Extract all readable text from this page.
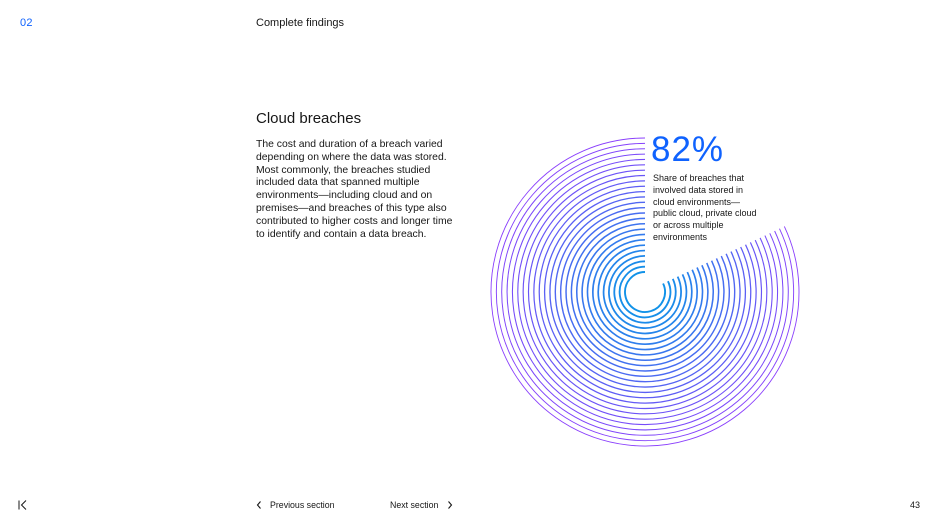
02	Complete findings
Cloud breaches

The cost and duration of a breach varied depending on where the data was stored. Most commonly, the breaches studied included data that spanned multiple environments—including cloud and on premises—and breaches of this type also contributed to higher costs and longer time to identify and contain a data breach.

82%

Share of breaches that involved data stored in cloud environments—public cloud, private cloud or across multiple environments

Previous section	Next section	43
